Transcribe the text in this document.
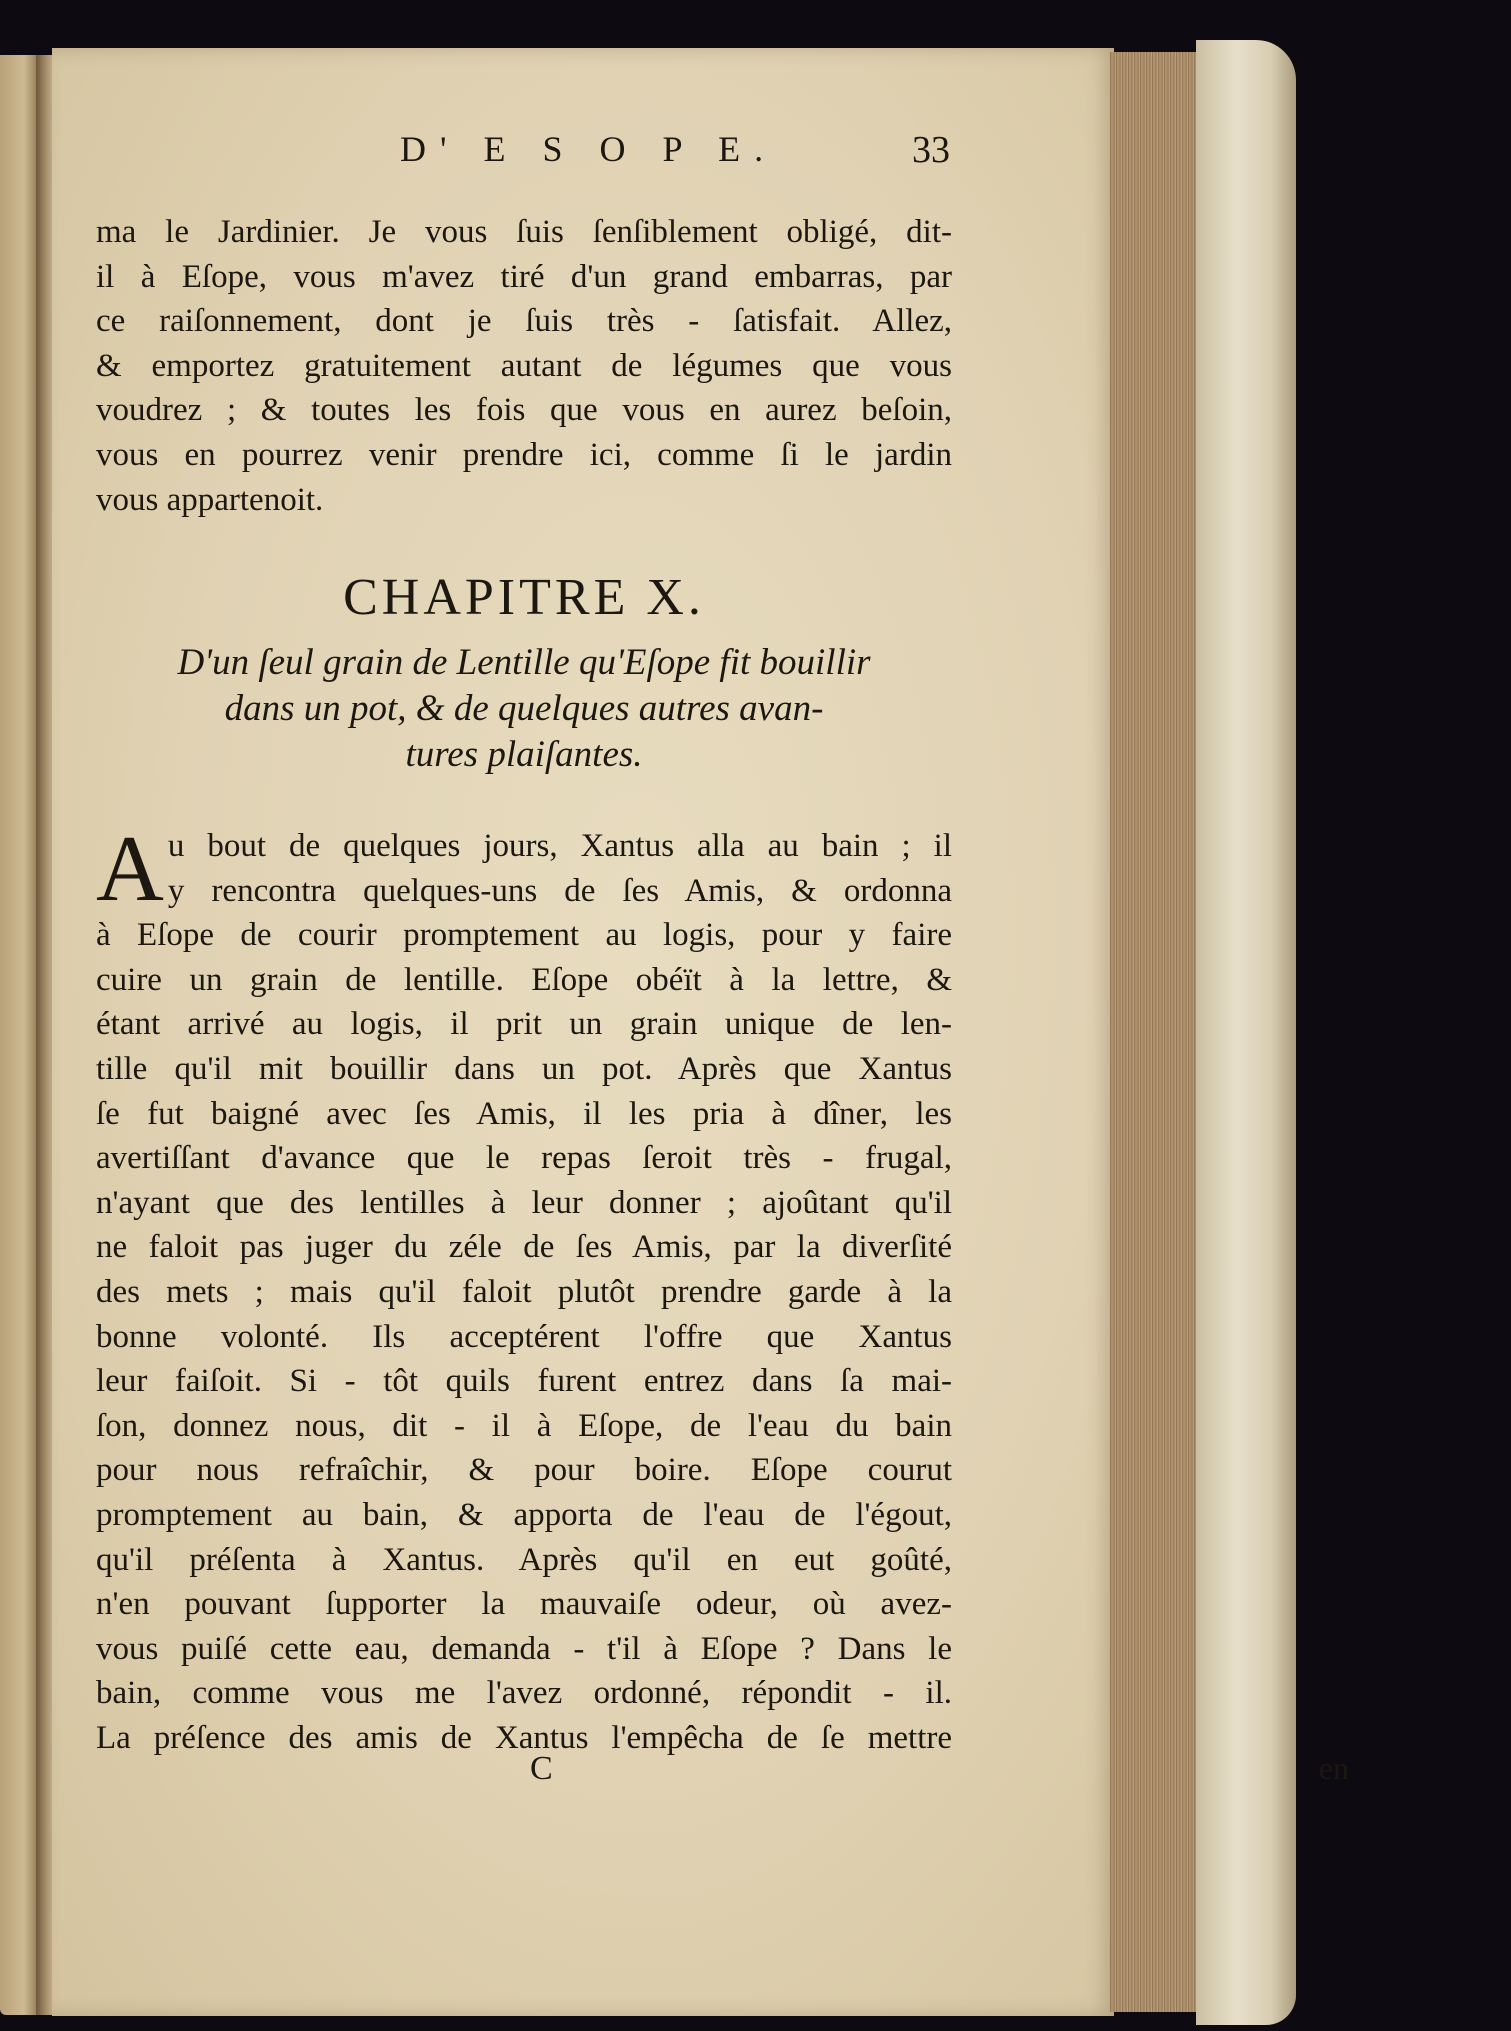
D' E S O P E.	33
ma le Jardinier. Je vous ſuis ſenſiblement obligé, dit-
il à Eſope, vous m'avez tiré d'un grand embarras, par
ce raiſonnement, dont je ſuis très - ſatisfait. Allez,
& emportez gratuitement autant de légumes que vous
voudrez ; & toutes les fois que vous en aurez beſoin,
vous en pourrez venir prendre ici, comme ſi le jardin
vous appartenoit.
CHAPITRE X.
D'un ſeul grain de Lentille qu'Eſope fit bouillir
dans un pot, & de quelques autres avan-
tures plaiſantes.
A u bout de quelques jours, Xantus alla au bain ; il
y rencontra quelques-uns de ſes Amis, & ordonna
à Eſope de courir promptement au logis, pour y faire
cuire un grain de lentille. Eſope obéït à la lettre, &
étant arrivé au logis, il prit un grain unique de len-
tille qu'il mit bouillir dans un pot. Après que Xantus
ſe fut baigné avec ſes Amis, il les pria à dîner, les
avertiſſant d'avance que le repas ſeroit très - frugal,
n'ayant que des lentilles à leur donner ; ajoûtant qu'il
ne faloit pas juger du zéle de ſes Amis, par la diverſité
des mets ; mais qu'il faloit plutôt prendre garde à la
bonne volonté. Ils acceptérent l'offre que Xantus
leur faiſoit. Si - tôt quils furent entrez dans ſa mai-
ſon, donnez nous, dit - il à Eſope, de l'eau du bain
pour nous refraîchir, & pour boire. Eſope courut
promptement au bain, & apporta de l'eau de l'égout,
qu'il préſenta à Xantus. Après qu'il en eut goûté,
n'en pouvant ſupporter la mauvaiſe odeur, où avez-
vous puiſé cette eau, demanda - t'il à Eſope ? Dans le
bain, comme vous me l'avez ordonné, répondit - il.
La préſence des amis de Xantus l'empêcha de ſe mettre
C	en
